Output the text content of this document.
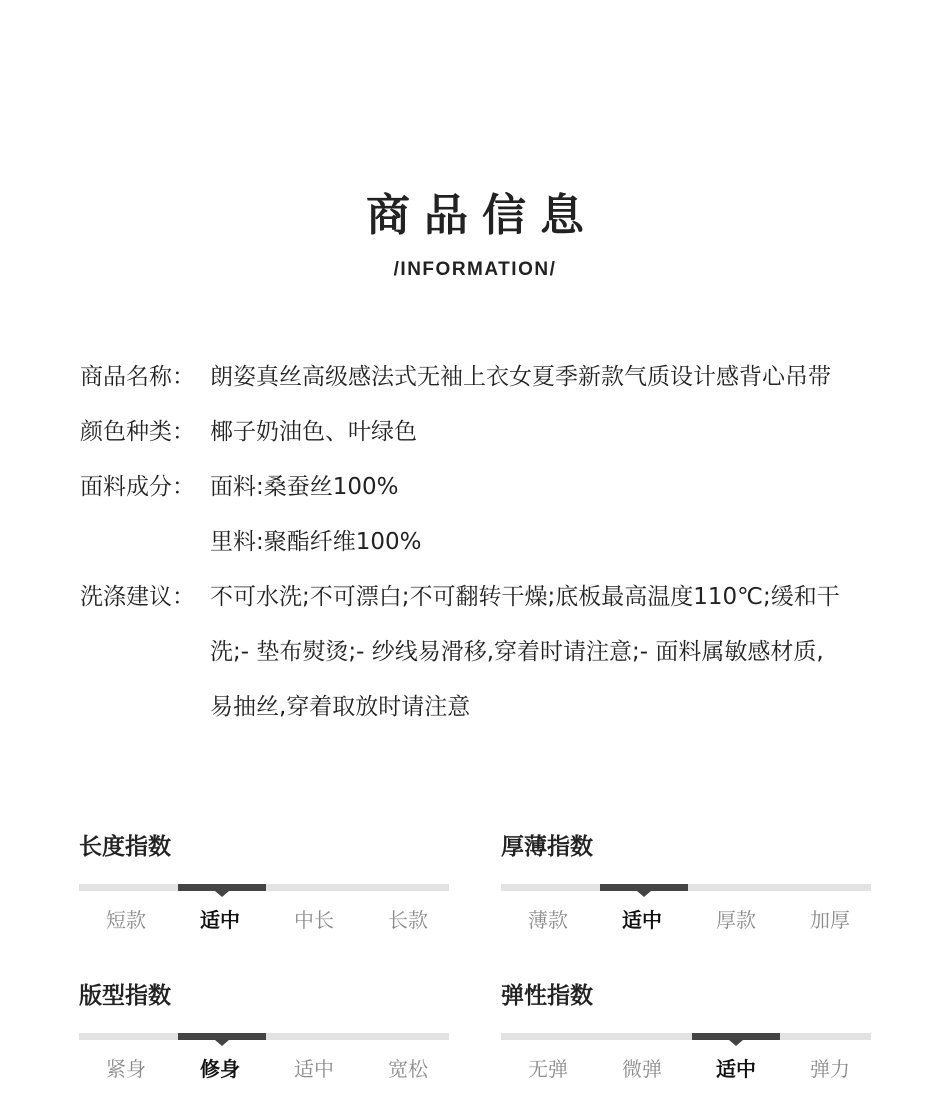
商品信息
/INFORMATION/
商品名称： 朗姿真丝高级感法式无袖上衣女夏季新款气质设计感背心吊带
颜色种类： 椰子奶油色、叶绿色
面料成分： 面料:桑蚕丝100%
里料:聚酯纤维100%
洗涤建议： 不可水洗;不可漂白;不可翻转干燥;底板最高温度110℃;缓和干
洗;- 垫布熨烫;- 纱线易滑移,穿着时请注意;- 面料属敏感材质,
易抽丝,穿着取放时请注意
长度指数
短款	适中	中长	长款
厚薄指数
薄款	适中	厚款	加厚
版型指数
紧身	修身	适中	宽松
弹性指数
无弹	微弹	适中	弹力
